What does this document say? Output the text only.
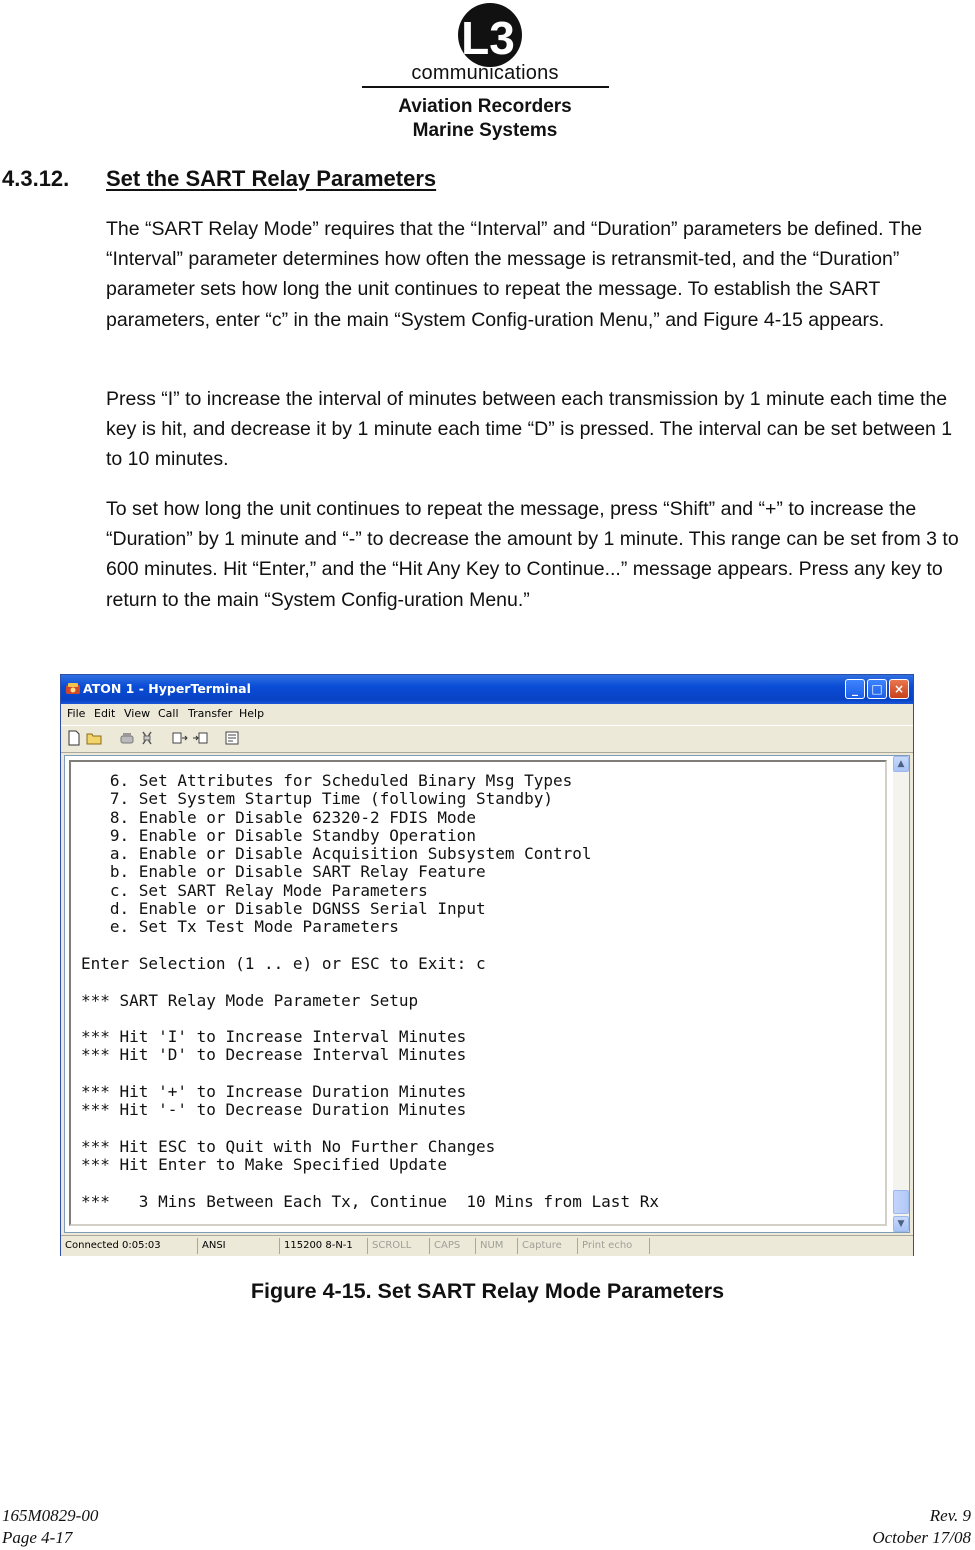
L3
communications
Aviation Recorders
Marine Systems
4.3.12. Set the SART Relay Parameters

The “SART Relay Mode” requires that the “Interval” and “Duration” parameters be defined. The “Interval” parameter determines how often the message is retransmit-ted, and the “Duration” parameter sets how long the unit continues to repeat the message. To establish the SART parameters, enter “c” in the main “System Config-uration Menu,” and Figure 4‑15 appears.

Press “I” to increase the interval of minutes between each transmission by 1 minute each time the key is hit, and decrease it by 1 minute each time “D” is pressed. The interval can be set between 1 to 10 minutes.

To set how long the unit continues to repeat the message, press “Shift” and “+” to increase the “Duration” by 1 minute and “‑” to decrease the amount by 1 minute. This range can be set from 3 to 600 minutes. Hit “Enter,” and the “Hit Any Key to Continue...” message appears. Press any key to return to the main “System Config-uration Menu.”

ATON 1 - HyperTerminal	_	□ ×
File Edit View Call Transfer Help
6. Set Attributes for Scheduled Binary Msg Types
7. Set System Startup Time (following Standby)
8. Enable or Disable 62320-2 FDIS Mode
9. Enable or Disable Standby Operation
a. Enable or Disable Acquisition Subsystem Control
b. Enable or Disable SART Relay Feature
c. Set SART Relay Mode Parameters
d. Enable or Disable DGNSS Serial Input
e. Set Tx Test Mode Parameters

Enter Selection (1 .. e) or ESC to Exit: c

*** SART Relay Mode Parameter Setup

*** Hit 'I' to Increase Interval Minutes
*** Hit 'D' to Decrease Interval Minutes

*** Hit '+' to Increase Duration Minutes
*** Hit '-' to Decrease Duration Minutes

*** Hit ESC to Quit with No Further Changes
*** Hit Enter to Make Specified Update

***   3 Mins Between Each Tx, Continue  10 Mins from Last Rx

▲
▼
Connected 0:05:03	ANSI	115200 8-N-1	SCROLL	CAPS	NUM	Capture	Print echo
Figure 4‑15. Set SART Relay Mode Parameters
165M0829‑00
Page 4‑17
Rev. 9
October 17/08
